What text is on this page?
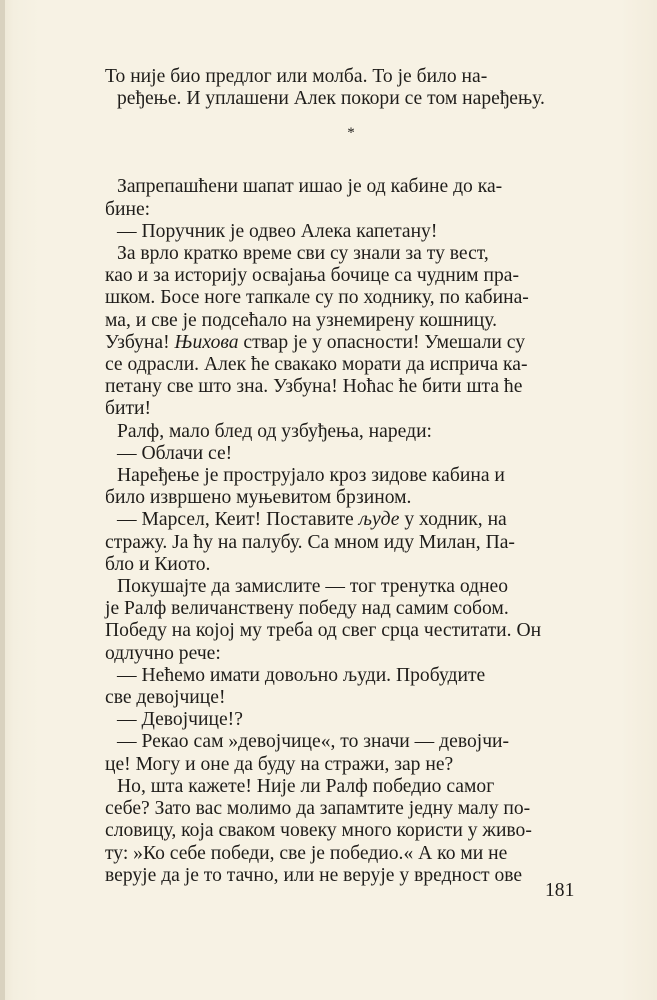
То није био предлог или молба. То је било на-
ређење. И уплашени Алек покори се том наређењу.

*
Запрепашћени шапат ишао је од кабине до ка-
бине:
— Поручник је одвео Алека капетану!
За врло кратко време сви су знали за ту вест,
као и за историју освајања бочице са чудним пра-
шком. Босе ноге тапкале су по ходнику, по кабина-
ма, и све је подсећало на узнемирену кошницу.
Узбуна! Њихова ствар је у опасности! Умешали су
се одрасли. Алек ће свакако морати да исприча ка-
петану све што зна. Узбуна! Ноћас ће бити шта ће
бити!
Ралф, мало блед од узбуђења, нареди:
— Облачи се!
Наређење је прострујало кроз зидове кабина и
било извршено муњевитом брзином.
— Марсел, Кеит! Поставите људе у ходник, на
стражу. Ја ћу на палубу. Са мном иду Милан, Па-
бло и Киото.
Покушајте да замислите — тог тренутка однео
је Ралф величанствену победу над самим собом.
Победу на којој му треба од свег срца честитати. Он
одлучно рече:
— Нећемо имати довољно људи. Пробудите
све девојчице!
— Девојчице!?
— Рекао сам »девојчице«, то значи — девојчи-
це! Могу и оне да буду на стражи, зар не?
Но, шта кажете! Није ли Ралф победио самог
себе? Зато вас молимо да запамтите једну малу по-
словицу, која сваком човеку много користи у живо-
ту: »Ко себе победи, све је победио.« А ко ми не
верује да је то тачно, или не верује у вредност ове
181
